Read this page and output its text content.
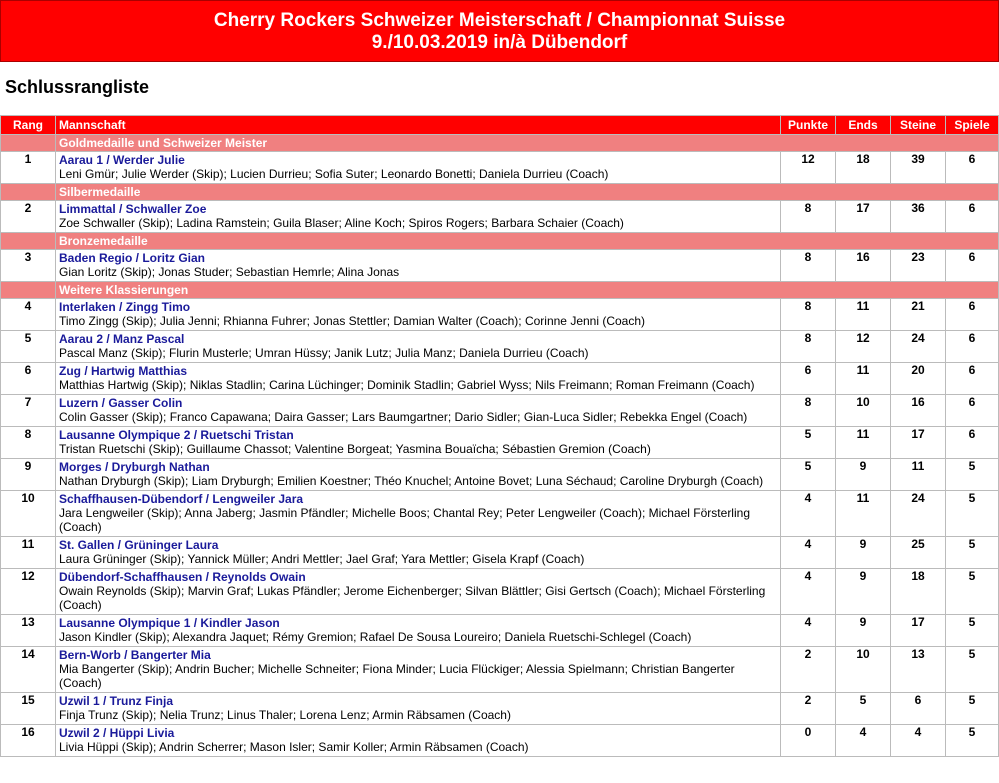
Cherry Rockers Schweizer Meisterschaft / Championnat Suisse
9./10.03.2019 in/à Dübendorf
Schlussrangliste
Rang	Mannschaft	Punkte	Ends	Steine	Spiele
	Goldmedaille und Schweizer Meister				
1	Aarau 1 / Werder Julie
Leni Gmür; Julie Werder (Skip); Lucien Durrieu; Sofia Suter; Leonardo Bonetti; Daniela Durrieu (Coach)	12	18	39	6
	Silbermedaille				
2	Limmattal / Schwaller Zoe
Zoe Schwaller (Skip); Ladina Ramstein; Guila Blaser; Aline Koch; Spiros Rogers; Barbara Schaier (Coach)	8	17	36	6
	Bronzemedaille				
3	Baden Regio / Loritz Gian
Gian Loritz (Skip); Jonas Studer; Sebastian Hemrle; Alina Jonas	8	16	23	6
	Weitere Klassierungen				
4	Interlaken / Zingg Timo
Timo Zingg (Skip); Julia Jenni; Rhianna Fuhrer; Jonas Stettler; Damian Walter (Coach); Corinne Jenni (Coach)	8	11	21	6
5	Aarau 2 / Manz Pascal
Pascal Manz (Skip); Flurin Musterle; Umran Hüssy; Janik Lutz; Julia Manz; Daniela Durrieu (Coach)	8	12	24	6
6	Zug / Hartwig Matthias
Matthias Hartwig (Skip); Niklas Stadlin; Carina Lüchinger; Dominik Stadlin; Gabriel Wyss; Nils Freimann; Roman Freimann (Coach)	6	11	20	6
7	Luzern / Gasser Colin
Colin Gasser (Skip); Franco Capawana; Daira Gasser; Lars Baumgartner; Dario Sidler; Gian-Luca Sidler; Rebekka Engel (Coach)	8	10	16	6
8	Lausanne Olympique 2 / Ruetschi Tristan
Tristan Ruetschi (Skip); Guillaume Chassot; Valentine Borgeat; Yasmina Bouaïcha; Sébastien Gremion (Coach)	5	11	17	6
9	Morges / Dryburgh Nathan
Nathan Dryburgh (Skip); Liam Dryburgh; Emilien Koestner; Théo Knuchel; Antoine Bovet; Luna Séchaud; Caroline Dryburgh (Coach)	5	9	11	5
10	Schaffhausen-Dübendorf / Lengweiler Jara
Jara Lengweiler (Skip); Anna Jaberg; Jasmin Pfändler; Michelle Boos; Chantal Rey; Peter Lengweiler (Coach); Michael Försterling (Coach)	4	11	24	5
11	St. Gallen / Grüninger Laura
Laura Grüninger (Skip); Yannick Müller; Andri Mettler; Jael Graf; Yara Mettler; Gisela Krapf (Coach)	4	9	25	5
12	Dübendorf-Schaffhausen / Reynolds Owain
Owain Reynolds (Skip); Marvin Graf; Lukas Pfändler; Jerome Eichenberger; Silvan Blättler; Gisi Gertsch (Coach); Michael Försterling (Coach)	4	9	18	5
13	Lausanne Olympique 1 / Kindler Jason
Jason Kindler (Skip); Alexandra Jaquet; Rémy Gremion; Rafael De Sousa Loureiro; Daniela Ruetschi-Schlegel (Coach)	4	9	17	5
14	Bern-Worb / Bangerter Mia
Mia Bangerter (Skip); Andrin Bucher; Michelle Schneiter; Fiona Minder; Lucia Flückiger; Alessia Spielmann; Christian Bangerter (Coach)	2	10	13	5
15	Uzwil 1 / Trunz Finja
Finja Trunz (Skip); Nelia Trunz; Linus Thaler; Lorena Lenz; Armin Räbsamen (Coach)	2	5	6	5
16	Uzwil 2 / Hüppi Livia
Livia Hüppi (Skip); Andrin Scherrer; Mason Isler; Samir Koller; Armin Räbsamen (Coach)	0	4	4	5
